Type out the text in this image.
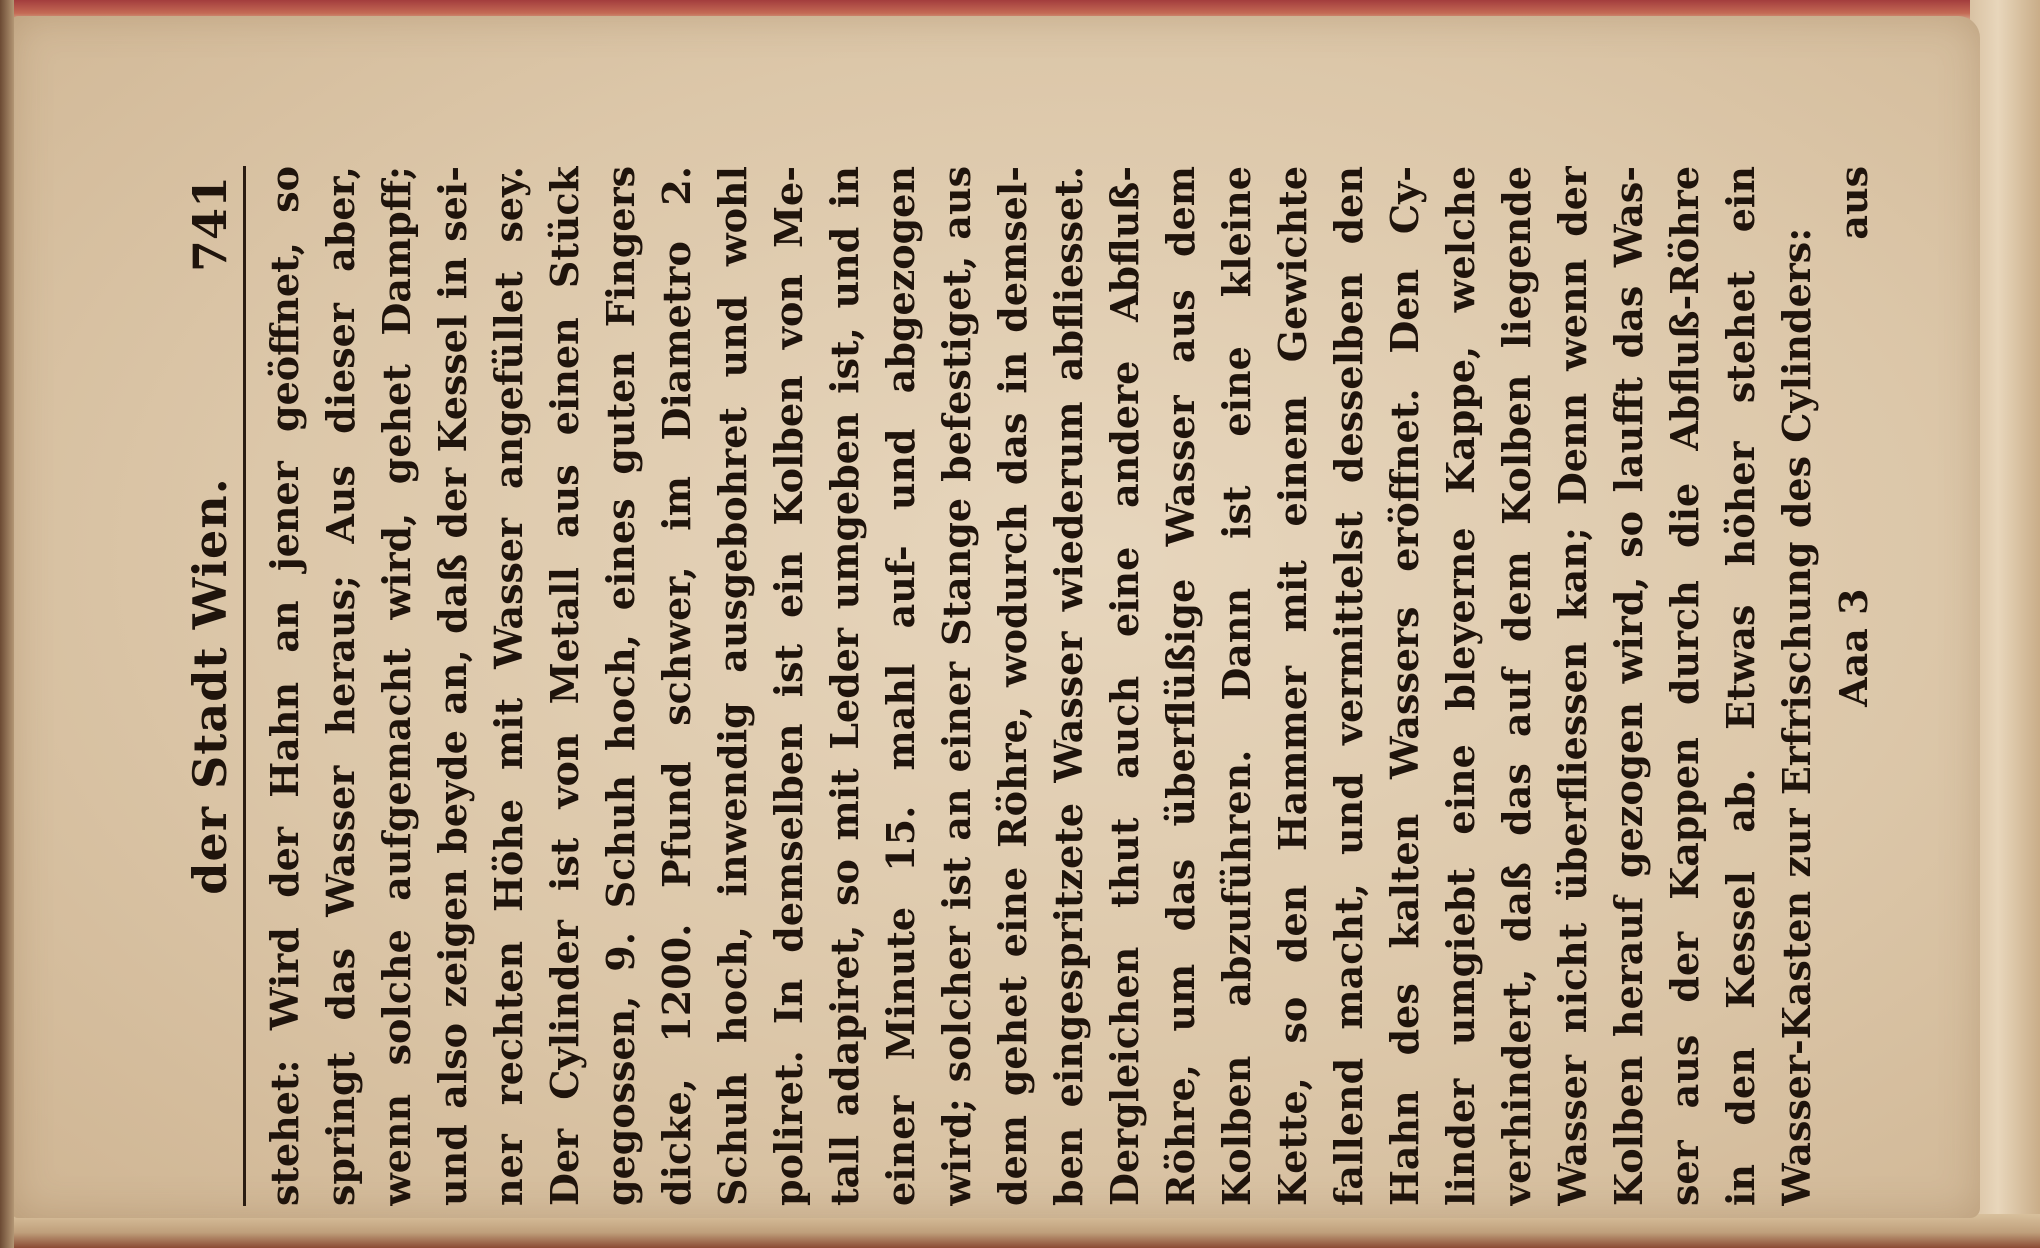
der Stadt Wien.
741 stehet: Wird der Hahn an jener geöffnet, so springt das Wasser heraus; Aus dieser aber, wenn solche aufgemacht wird, gehet Dampff; und also zeigen beyde an, daß der Kessel in sei- ner rechten Höhe mit Wasser angefüllet sey. Der Cylinder ist von Metall aus einen Stück gegossen, 9. Schuh hoch, eines guten Fingers dicke, 1200. Pfund schwer, im Diametro 2. Schuh hoch, inwendig ausgebohret und wohl poliret. In demselben ist ein Kolben von Me- tall adapiret, so mit Leder umgeben ist, und in einer Minute 15. mahl auf- und abgezogen wird; solcher ist an einer Stange befestiget, aus dem gehet eine Röhre, wodurch das in demsel- ben eingespritzete Wasser wiederum abfliesset. Dergleichen thut auch eine andere Abfluß- Röhre, um das überflüßige Wasser aus dem Kolben abzuführen. Dann ist eine kleine Kette, so den Hammer mit einem Gewichte fallend macht, und vermittelst desselben den Hahn des kalten Wassers eröffnet. Den Cy- linder umgiebt eine bleyerne Kappe, welche verhindert, daß das auf dem Kolben liegende Wasser nicht überfliessen kan; Denn wenn der Kolben herauf gezogen wird, so laufft das Was- ser aus der Kappen durch die Abfluß-Röhre in den Kessel ab. Etwas höher stehet ein Wasser-Kasten zur Erfrischung des Cylinders: Aaa 3
aus
